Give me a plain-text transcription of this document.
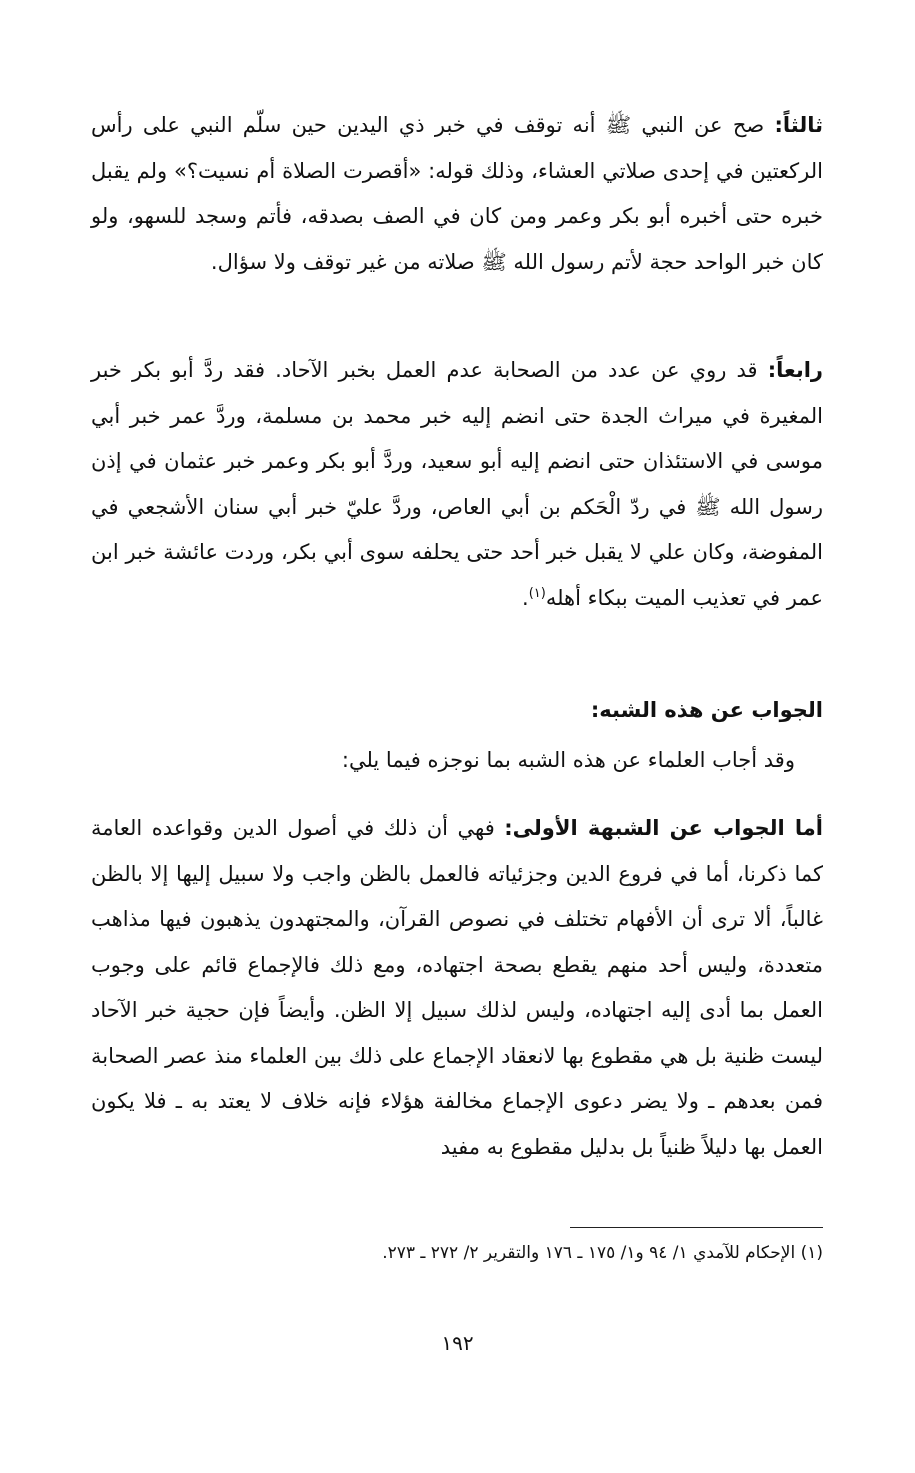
ثالثاً: صح عن النبي ﷺ أنه توقف في خبر ذي اليدين حين سلّم النبي على رأس الركعتين في إحدى صلاتي العشاء، وذلك قوله: «أقصرت الصلاة أم نسيت؟» ولم يقبل خبره حتى أخبره أبو بكر وعمر ومن كان في الصف بصدقه، فأتم وسجد للسهو، ولو كان خبر الواحد حجة لأتم رسول الله ﷺ صلاته من غير توقف ولا سؤال.

رابعاً: قد روي عن عدد من الصحابة عدم العمل بخبر الآحاد. فقد ردَّ أبو بكر خبر المغيرة في ميراث الجدة حتى انضم إليه خبر محمد بن مسلمة، وردَّ عمر خبر أبي موسى في الاستئذان حتى انضم إليه أبو سعيد، وردَّ أبو بكر وعمر خبر عثمان في إذن رسول الله ﷺ في ردّ الْحَكم بن أبي العاص، وردَّ عليّ خبر أبي سنان الأشجعي في المفوضة، وكان علي لا يقبل خبر أحد حتى يحلفه سوى أبي بكر، وردت عائشة خبر ابن عمر في تعذيب الميت ببكاء أهله$^{(١)}$.

الجواب عن هذه الشبه:
وقد أجاب العلماء عن هذه الشبه بما نوجزه فيما يلي:

أما الجواب عن الشبهة الأولى: فهي أن ذلك في أصول الدين وقواعده العامة كما ذكرنا، أما في فروع الدين وجزئياته فالعمل بالظن واجب ولا سبيل إليها إلا بالظن غالباً، ألا ترى أن الأفهام تختلف في نصوص القرآن، والمجتهدون يذهبون فيها مذاهب متعددة، وليس أحد منهم يقطع بصحة اجتهاده، ومع ذلك فالإجماع قائم على وجوب العمل بما أدى إليه اجتهاده، وليس لذلك سبيل إلا الظن. وأيضاً فإن حجية خبر الآحاد ليست ظنية بل هي مقطوع بها لانعقاد الإجماع على ذلك بين العلماء منذ عصر الصحابة فمن بعدهم ـ ولا يضر دعوى الإجماع مخالفة هؤلاء فإنه خلاف لا يعتد به ـ فلا يكون العمل بها دليلاً ظنياً بل بدليل مقطوع به مفيد

(١) الإحكام للآمدي ١/ ٩٤ و١/ ١٧٥ ـ ١٧٦ والتقرير ٢/ ٢٧٢ ـ ٢٧٣.
١٩٢
